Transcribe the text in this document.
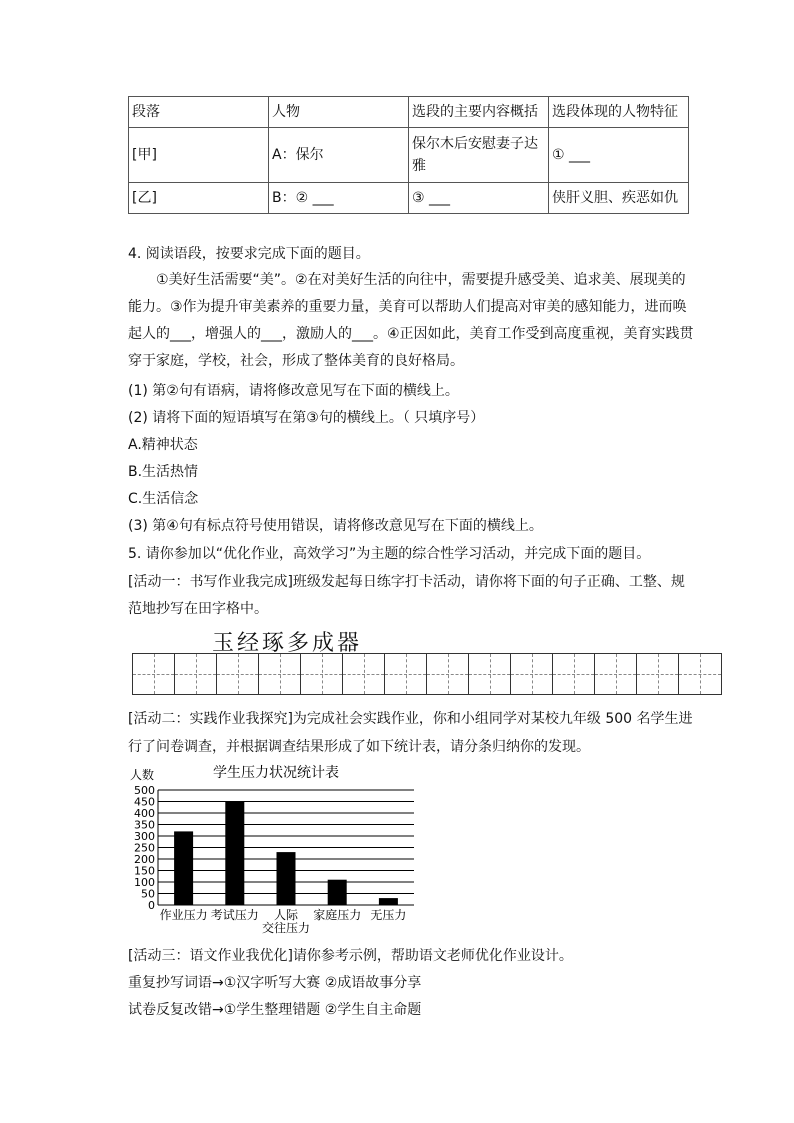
段落	人物	选段的主要内容概括	选段体现的人物特征
[甲]	A：保尔	保尔木后安慰妻子达雅	① ___
[乙]	B：② ___	③ ___	侠肝义胆、疾恶如仇
4. 阅读语段，按要求完成下面的题目。
①美好生活需要“美”。②在对美好生活的向往中，需要提升感受美、追求美、展现美的能力。③作为提升审美素养的重要力量，美育可以帮助人们提高对审美的感知能力，进而唤起人的___，增强人的___，激励人的___。④正因如此，美育工作受到高度重视，美育实践贯穿于家庭，学校，社会，形成了整体美育的良好格局。
(1) 第②句有语病，请将修改意见写在下面的横线上。
(2) 请将下面的短语填写在第③句的横线上。（ 只填序号）
A.精神状态
B.生活热情
C.生活信念
(3) 第④句有标点符号使用错误，请将修改意见写在下面的横线上。
5. 请你参加以“优化作业，高效学习”为主题的综合性学习活动，并完成下面的题目。
[活动一：书写作业我完成]班级发起每日练字打卡活动，请你将下面的句子正确、工整、规
范地抄写在田字格中。
玉经琢多成器
[活动二：实践作业我探究]为完成社会实践作业，你和小组同学对某校九年级 500 名学生进
行了问卷调查，并根据调查结果形成了如下统计表，请分条归纳你的发现。
学生压力状况统计表
人数
0
50
100
150
200
250
300
350
400
450
500
作业压力 考试压力 人际
交往压力
家庭压力 无压力
[活动三：语文作业我优化]请你参考示例，帮助语文老师优化作业设计。
重复抄写词语→①汉字听写大赛 ②成语故事分享
试卷反复改错→①学生整理错题 ②学生自主命题
